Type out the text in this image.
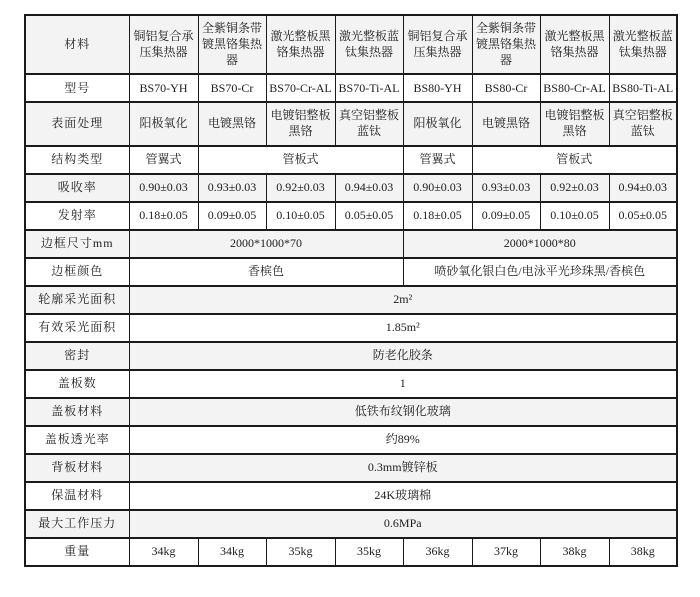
材料	铜铝复合承压集热器	全紫铜条带镀黑铬集热器	激光整板黑铬集热器	激光整板蓝钛集热器	铜铝复合承压集热器	全紫铜条带镀黑铬集热器	激光整板黑铬集热器	激光整板蓝钛集热器
型号	BS70-YH	BS70-Cr	BS70-Cr-AL	BS70-Ti-AL	BS80-YH	BS80-Cr	BS80-Cr-AL	BS80-Ti-AL
表面处理	阳极氧化	电镀黑铬	电镀铝整板黑铬	真空铝整板蓝钛	阳极氧化	电镀黑铬	电镀铝整板黑铬	真空铝整板蓝钛
结构类型	管翼式	管板式			管翼式	管板式		
吸收率	0.90±0.03	0.93±0.03	0.92±0.03	0.94±0.03	0.90±0.03	0.93±0.03	0.92±0.03	0.94±0.03
发射率	0.18±0.05	0.09±0.05	0.10±0.05	0.05±0.05	0.18±0.05	0.09±0.05	0.10±0.05	0.05±0.05
边框尺寸mm	2000*1000*70				2000*1000*80			
边框颜色	香槟色				喷砂氧化银白色/电泳平光珍珠黑/香槟色			
轮廓采光面积	2m²							
有效采光面积	1.85m²							
密封	防老化胶条							
盖板数	1							
盖板材料	低铁布纹钢化玻璃							
盖板透光率	约89%							
背板材料	0.3mm镀锌板							
保温材料	24K玻璃棉							
最大工作压力	0.6MPa							
重量	34kg	34kg	35kg	35kg	36kg	37kg	38kg	38kg
